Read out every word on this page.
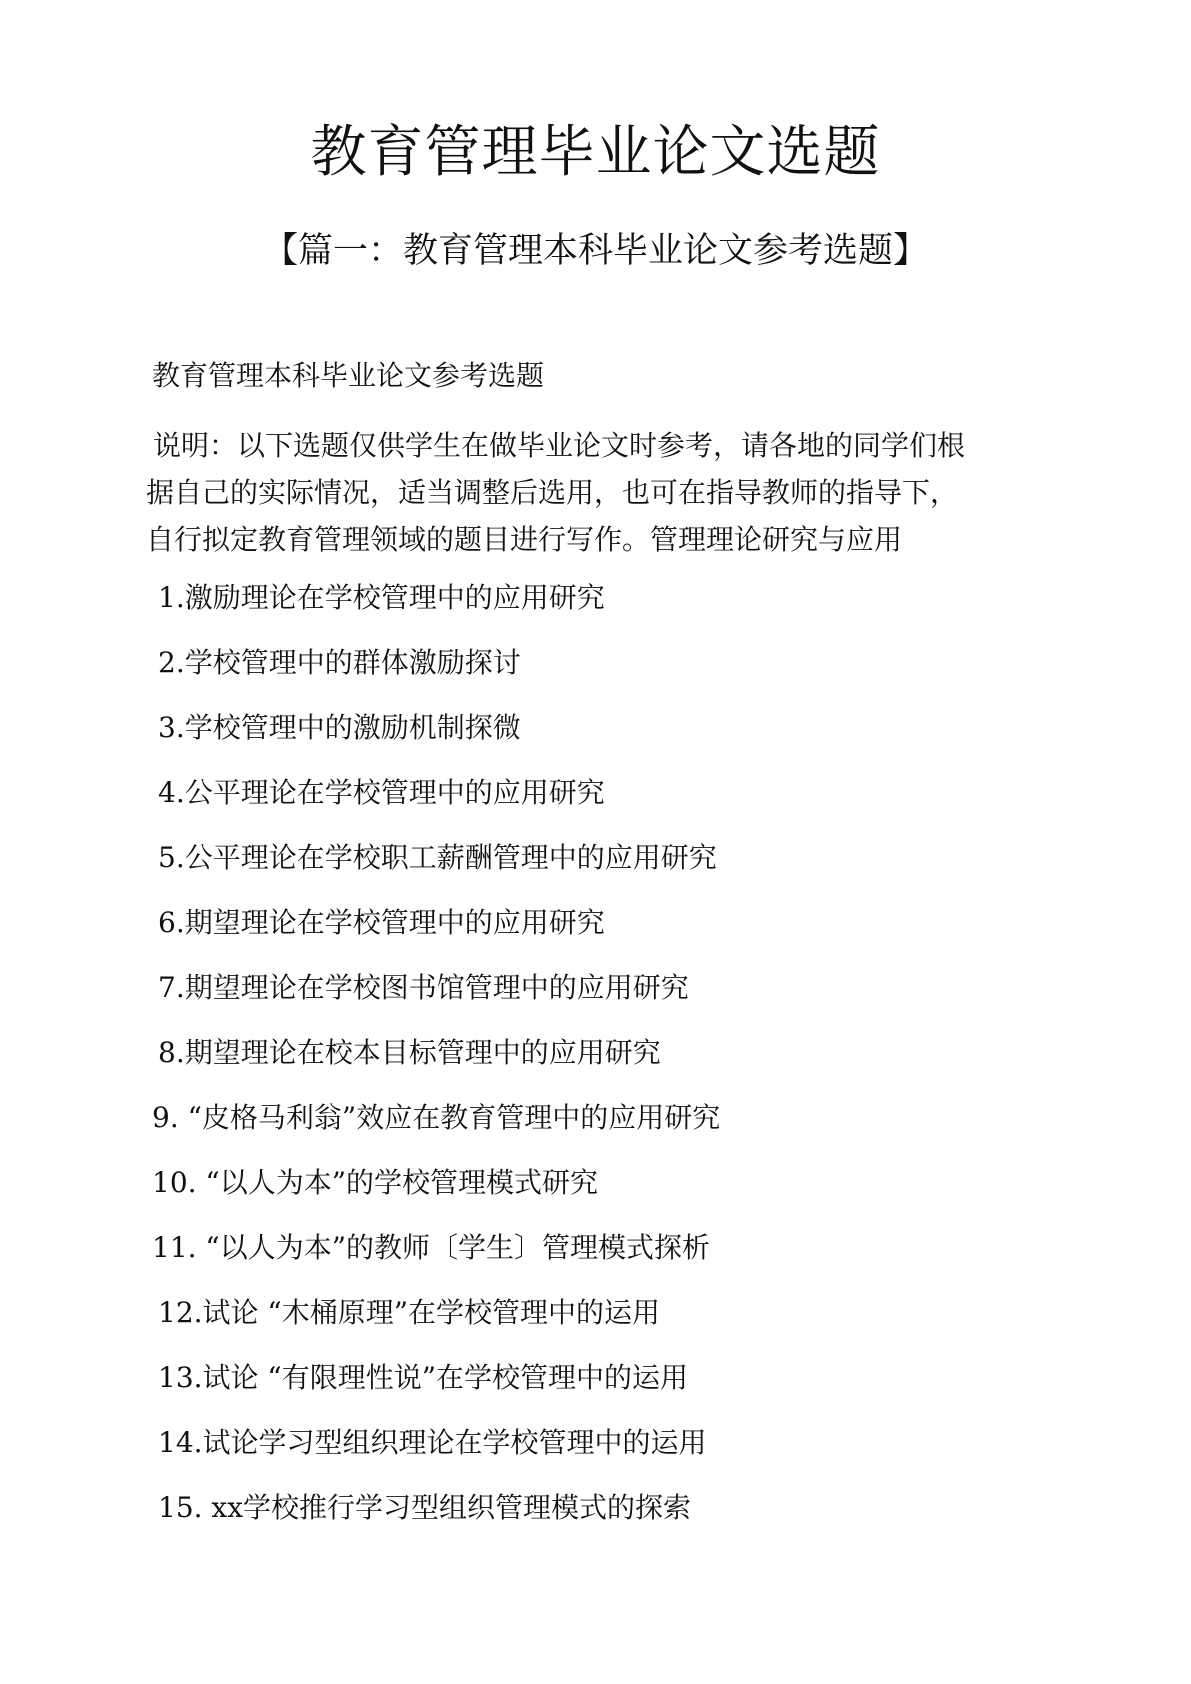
教育管理毕业论文选题
【篇一：教育管理本科毕业论文参考选题】

教育管理本科毕业论文参考选题

说明：以下选题仅供学生在做毕业论文时参考，请各地的同学们根
据自己的实际情况，适当调整后选用，也可在指导教师的指导下，
自行拟定教育管理领域的题目进行写作。管理理论研究与应用

1.激励理论在学校管理中的应用研究
2.学校管理中的群体激励探讨
3.学校管理中的激励机制探微
4.公平理论在学校管理中的应用研究
5.公平理论在学校职工薪酬管理中的应用研究
6.期望理论在学校管理中的应用研究
7.期望理论在学校图书馆管理中的应用研究
8.期望理论在校本目标管理中的应用研究
9. “皮格马利翁”效应在教育管理中的应用研究
10. “以人为本”的学校管理模式研究
11. “以人为本”的教师〔学生〕管理模式探析
12.试论 “木桶原理”在学校管理中的运用
13.试论 “有限理性说”在学校管理中的运用
14.试论学习型组织理论在学校管理中的运用
15. xx学校推行学习型组织管理模式的探索
